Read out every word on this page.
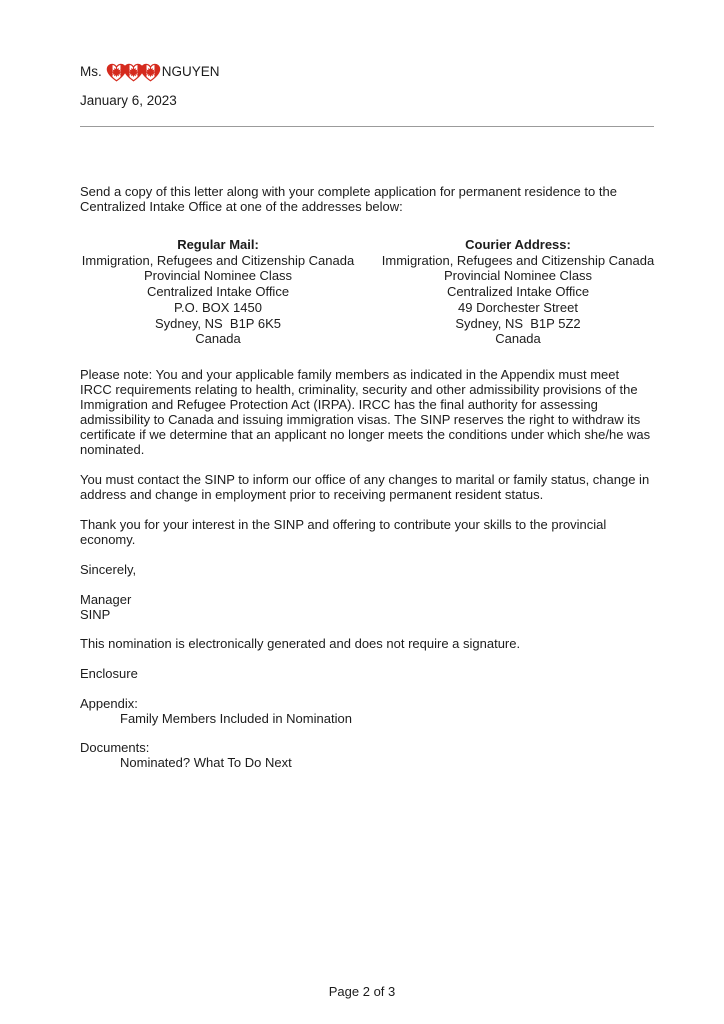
Ms.	NGUYEN
January 6, 2023

Send a copy of this letter along with your complete application for permanent residence to the Centralized Intake Office at one of the addresses below:

Regular Mail:
Immigration, Refugees and Citizenship Canada
Provincial Nominee Class
Centralized Intake Office
P.O. BOX 1450
Sydney, NS  B1P 6K5
Canada
Courier Address:
Immigration, Refugees and Citizenship Canada
Provincial Nominee Class
Centralized Intake Office
49 Dorchester Street
Sydney, NS  B1P 5Z2
Canada

Please note: You and your applicable family members as indicated in the Appendix must meet IRCC requirements relating to health, criminality, security and other admissibility provisions of the Immigration and Refugee Protection Act (IRPA). IRCC has the final authority for assessing admissibility to Canada and issuing immigration visas. The SINP reserves the right to withdraw its certificate if we determine that an applicant no longer meets the conditions under which she/he was nominated.

You must contact the SINP to inform our office of any changes to marital or family status, change in address and change in employment prior to receiving permanent resident status.

Thank you for your interest in the SINP and offering to contribute your skills to the provincial economy.

Sincerely,

Manager
SINP

This nomination is electronically generated and does not require a signature.

Enclosure

Appendix:
Family Members Included in Nomination
Documents:
Nominated? What To Do Next
Page 2 of 3
